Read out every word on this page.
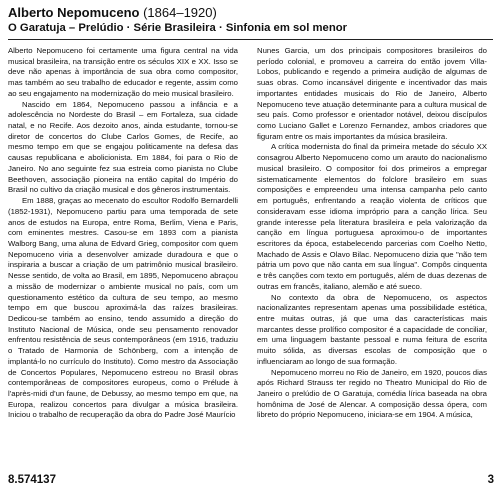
Alberto Nepomuceno (1864–1920)
O Garatuja – Prelúdio · Série Brasileira · Sinfonia em sol menor

Alberto Nepomuceno foi certamente uma figura central na vida musical brasileira, na transição entre os séculos XIX e XX. Isso se deve não apenas à importância de sua obra como compositor, mas também ao seu trabalho de educador e regente, assim como ao seu engajamento na modernização do meio musical brasileiro.

Nascido em 1864, Nepomuceno passou a infância e a adolescência no Nordeste do Brasil – em Fortaleza, sua cidade natal, e no Recife. Aos dezoito anos, ainda estudante, tornou-se diretor de concertos do Clube Carlos Gomes, de Recife, ao mesmo tempo em que se engajou politicamente na defesa das causas republicana e abolicionista. Em 1884, foi para o Rio de Janeiro. No ano seguinte fez sua estreia como pianista no Clube Beethoven, associação pioneira na então capital do Império do Brasil no cultivo da criação musical e dos gêneros instrumentais.

Em 1888, graças ao mecenato do escultor Rodolfo Bernardelli (1852-1931), Nepomuceno partiu para uma temporada de sete anos de estudos na Europa, entre Roma, Berlim, Viena e Paris, com eminentes mestres. Casou-se em 1893 com a pianista Walborg Bang, uma aluna de Edvard Grieg, compositor com quem Nepomuceno viria a desenvolver amizade duradoura e que o inspiraria a buscar a criação de um patrimônio musical brasileiro. Nesse sentido, de volta ao Brasil, em 1895, Nepomuceno abraçou a missão de modernizar o ambiente musical no país, com um questionamento estético da cultura de seu tempo, ao mesmo tempo em que buscou aproximá-la das raízes brasileiras. Dedicou-se também ao ensino, tendo assumido a direção do Instituto Nacional de Música, onde seu pensamento renovador enfrentou resistência de seus contemporâneos (em 1916, traduziu o Tratado de Harmonia de Schönberg, com a intenção de implantá-lo no currículo do Instituto). Como mestro da Associação de Concertos Populares, Nepomuceno estreou no Brasil obras contemporâneas de compositores europeus, como o Prélude à l'après-midi d'un faune, de Debussy, ao mesmo tempo em que, na Europa, realizou concertos para divulgar a música brasileira. Iniciou o trabalho de recuperação da obra do Padre José Maurício

Nunes Garcia, um dos principais compositores brasileiros do período colonial, e promoveu a carreira do então jovem Villa-Lobos, publicando e regendo a primeira audição de algumas de suas obras. Como incansável dirigente e incentivador das mais importantes entidades musicais do Rio de Janeiro, Alberto Nepomuceno teve atuação determinante para a cultura musical de seu país. Como professor e orientador notável, deixou discípulos como Luciano Gallet e Lorenzo Fernandez, ambos criadores que figuram entre os mais importantes da música brasileira.

A crítica modernista do final da primeira metade do século XX consagrou Alberto Nepomuceno como um arauto do nacionalismo musical brasileiro. O compositor foi dos primeiros a empregar sistematicamente elementos do folclore brasileiro em suas composições e empreendeu uma intensa campanha pelo canto em português, enfrentando a reação violenta de críticos que consideravam esse idioma impróprio para a canção lírica. Seu grande interesse pela literatura brasileira e pela valorização da canção em língua portuguesa aproximou-o de importantes escritores da época, estabelecendo parcerias com Coelho Netto, Machado de Assis e Olavo Bilac. Nepomuceno dizia que "não tem pátria um povo que não canta em sua língua". Compôs cinquenta e três canções com texto em português, além de duas dezenas de outras em francês, italiano, alemão e até sueco.

No contexto da obra de Nepomuceno, os aspectos nacionalizantes representam apenas uma possibilidade estética, entre muitas outras, já que uma das características mais marcantes desse prolífico compositor é a capacidade de conciliar, em uma linguagem bastante pessoal e numa feitura de escrita muito sólida, as diversas escolas de composição que o influenciaram ao longo de sua formação.

Nepomuceno morreu no Rio de Janeiro, em 1920, poucos dias após Richard Strauss ter regido no Theatro Municipal do Rio de Janeiro o prelúdio de O Garatuja, comédia lírica baseada na obra homônima de José de Alencar. A composição dessa ópera, com libreto do próprio Nepomuceno, iniciara-se em 1904. A música,

8.574137	3
